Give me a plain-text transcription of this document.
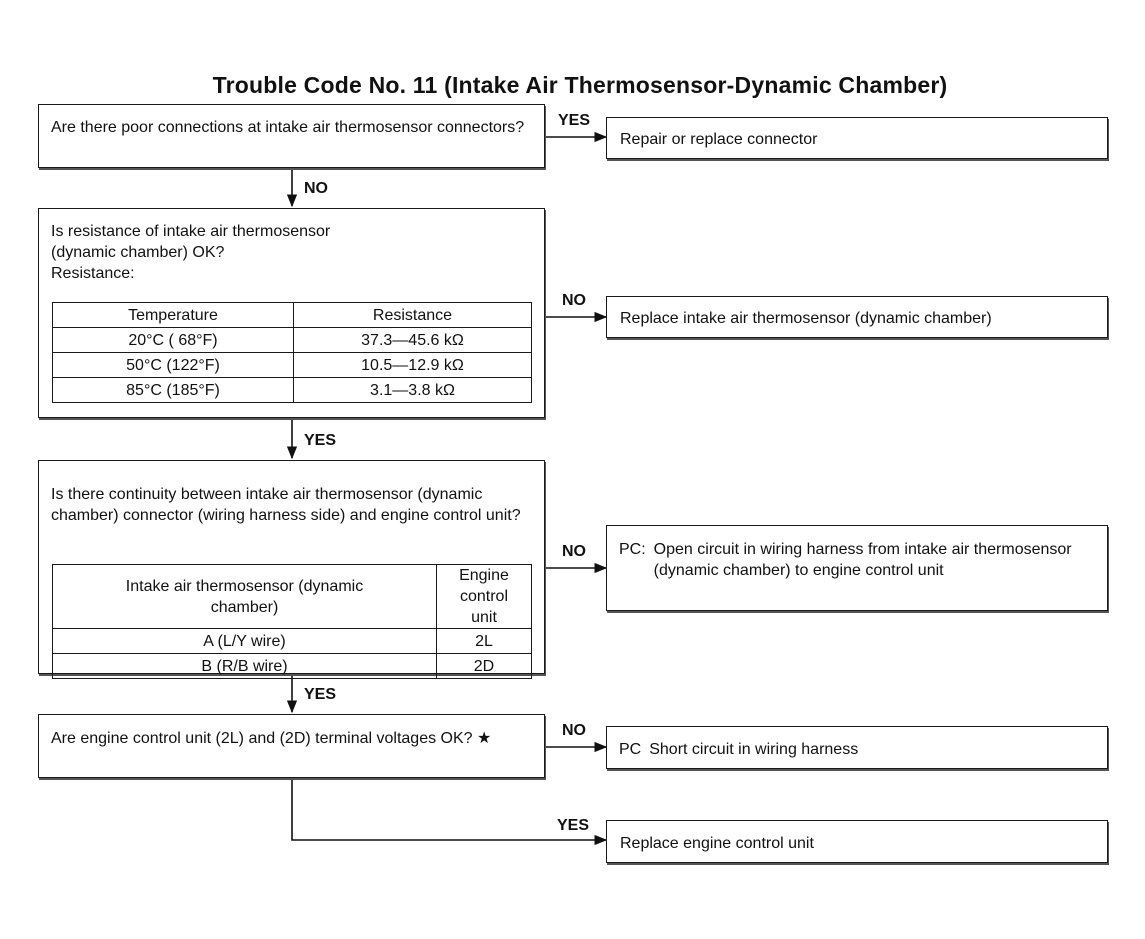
Trouble Code No. 11 (Intake Air Thermosensor-Dynamic Chamber)
YES
NO
NO
YES
NO
YES
NO
YES
Are there poor connections at intake air thermosensor connectors?
Repair or replace connector
Is resistance of intake air thermosensor
(dynamic chamber) OK?
Resistance:
Temperature	Resistance
20°C ( 68°F)	37.3—45.6 kΩ
50°C (122°F)	10.5—12.9 kΩ
85°C (185°F)	3.1—3.8 kΩ
Replace intake air thermosensor (dynamic chamber)
Is there continuity between intake air thermosensor (dynamic chamber) connector (wiring harness side) and engine control unit?
Intake air thermosensor (dynamic chamber)	Engine control unit
A (L/Y wire)	2L
B (R/B wire)	2D
PC: Open circuit in wiring harness from intake air thermosensor (dynamic chamber) to engine control unit
Are engine control unit (2L) and (2D) terminal voltages OK? ★
PC Short circuit in wiring harness
Replace engine control unit
